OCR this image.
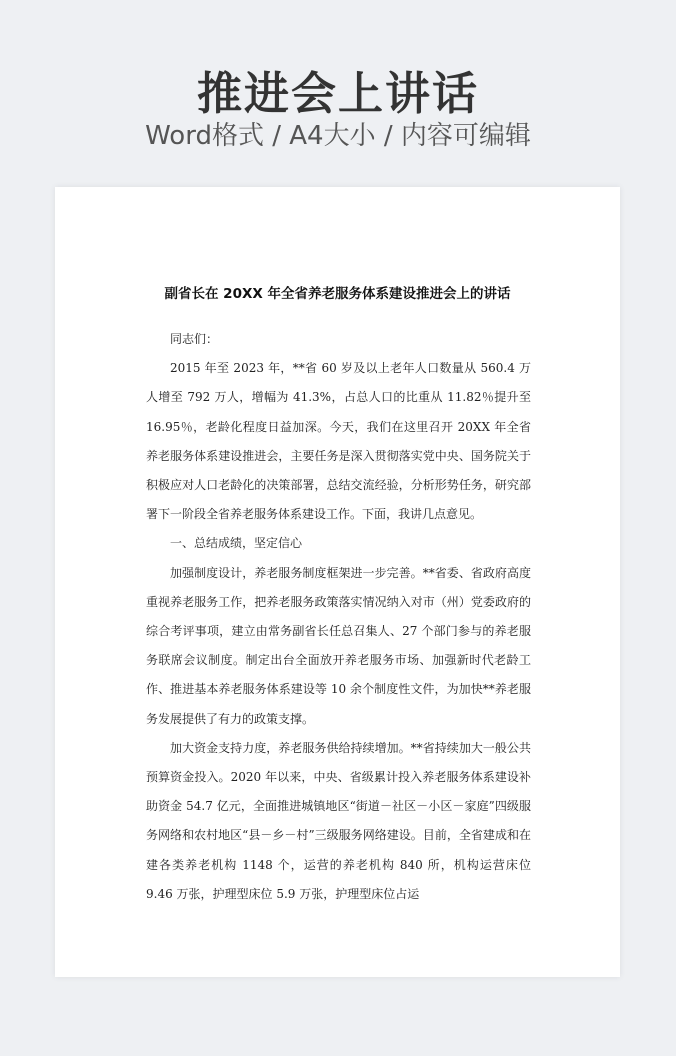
推进会上讲话
Word格式 / A4大小 / 内容可编辑
副省长在 20XX 年全省养老服务体系建设推进会上的讲话

同志们：

2015 年至 2023 年，**省 60 岁及以上老年人口数量从 560.4 万人增至 792 万人，增幅为 41.3%，占总人口的比重从 11.82％提升至 16.95％，老龄化程度日益加深。今天，我们在这里召开 20XX 年全省养老服务体系建设推进会，主要任务是深入贯彻落实党中央、国务院关于积极应对人口老龄化的决策部署，总结交流经验，分析形势任务，研究部署下一阶段全省养老服务体系建设工作。下面，我讲几点意见。

一、总结成绩，坚定信心

加强制度设计，养老服务制度框架进一步完善。**省委、省政府高度重视养老服务工作，把养老服务政策落实情况纳入对市（州）党委政府的综合考评事项，建立由常务副省长任总召集人、27 个部门参与的养老服务联席会议制度。制定出台全面放开养老服务市场、加强新时代老龄工作、推进基本养老服务体系建设等 10 余个制度性文件，为加快**养老服务发展提供了有力的政策支撑。

加大资金支持力度，养老服务供给持续增加。**省持续加大一般公共预算资金投入。2020 年以来，中央、省级累计投入养老服务体系建设补助资金 54.7 亿元，全面推进城镇地区“街道－社区－小区－家庭”四级服务网络和农村地区“县－乡－村”三级服务网络建设。目前，全省建成和在建各类养老机构 1148 个，运营的养老机构 840 所，机构运营床位 9.46 万张，护理型床位 5.9 万张，护理型床位占运
